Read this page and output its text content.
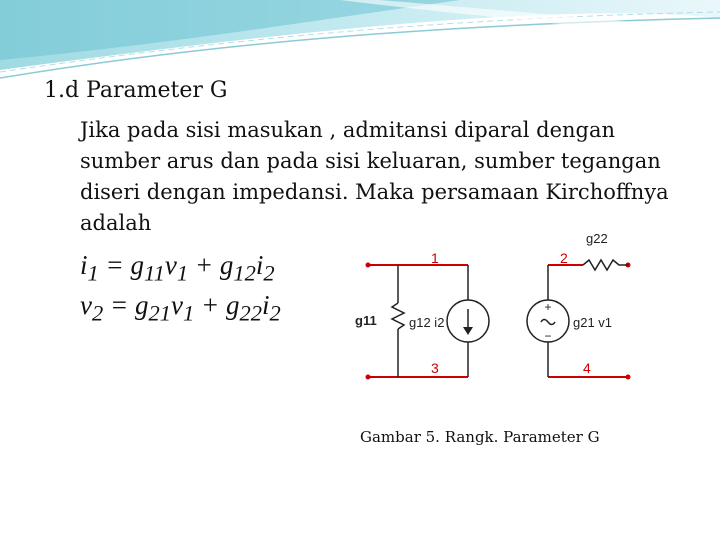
1.d Parameter G
Jika pada sisi masukan , admitansi diparal dengan sumber arus dan pada sisi keluaran, sumber tegangan diseri dengan impedansi. Maka persamaan Kirchoffnya adalah
$i_1 = g_{11}v_1 + g_{12}i_2$
$v_2 = g_{21}v_1 + g_{22}i_2$	+
−
1	2
3	4
g11 g12 i2	g21 v1
g22
Gambar 5. Rangk. Parameter G
